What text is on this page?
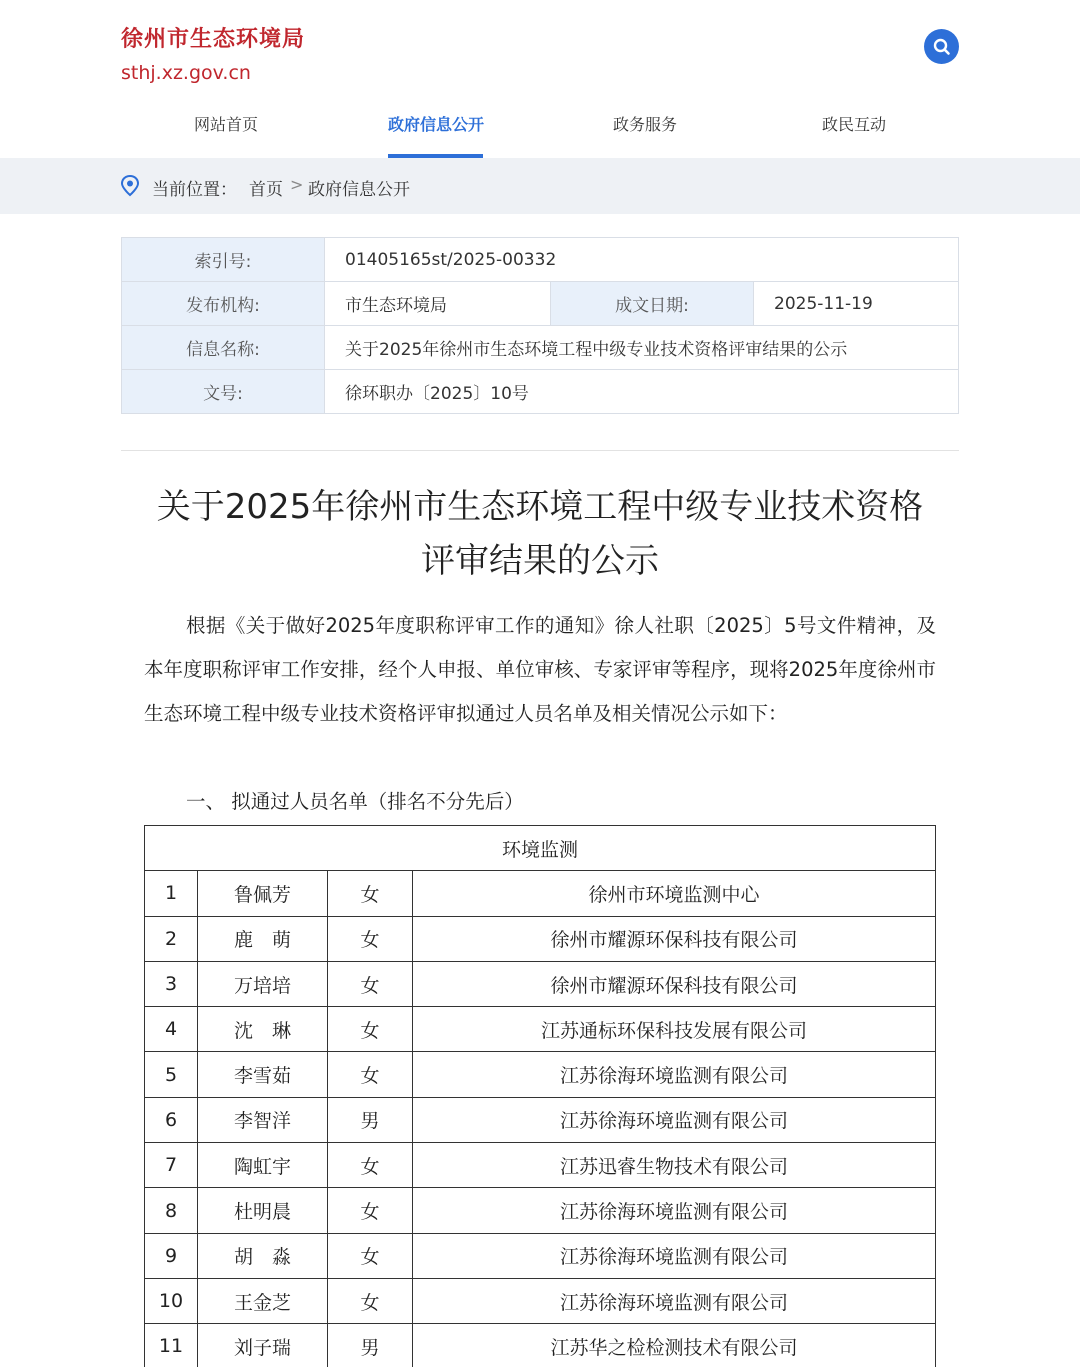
徐州市生态环境局
sthj.xz.gov.cn
网站首页	政府信息公开	政务服务	政民互动
当前位置： 首页 > 政府信息公开
索引号:	01405165st/2025-00332		
发布机构:	市生态环境局	成文日期:	2025-11-19
信息名称:	关于2025年徐州市生态环境工程中级专业技术资格评审结果的公示		
文号:	徐环职办〔2025〕10号		
关于2025年徐州市生态环境工程中级专业技术资格评审结果的公示
根据《关于做好2025年度职称评审工作的通知》徐人社职〔2025〕5号文件精神，及本年度职称评审工作安排，经个人申报、单位审核、专家评审等程序，现将2025年度徐州市生态环境工程中级专业技术资格评审拟通过人员名单及相关情况公示如下：
一、 拟通过人员名单（排名不分先后）
环境监测			
1	鲁佩芳	女	徐州市环境监测中心
2	鹿　萌	女	徐州市耀源环保科技有限公司
3	万培培	女	徐州市耀源环保科技有限公司
4	沈　琳	女	江苏通标环保科技发展有限公司
5	李雪茹	女	江苏徐海环境监测有限公司
6	李智洋	男	江苏徐海环境监测有限公司
7	陶虹宇	女	江苏迅睿生物技术有限公司
8	杜明晨	女	江苏徐海环境监测有限公司
9	胡　淼	女	江苏徐海环境监测有限公司
10	王金芝	女	江苏徐海环境监测有限公司
11	刘子瑞	男	江苏华之检检测技术有限公司
